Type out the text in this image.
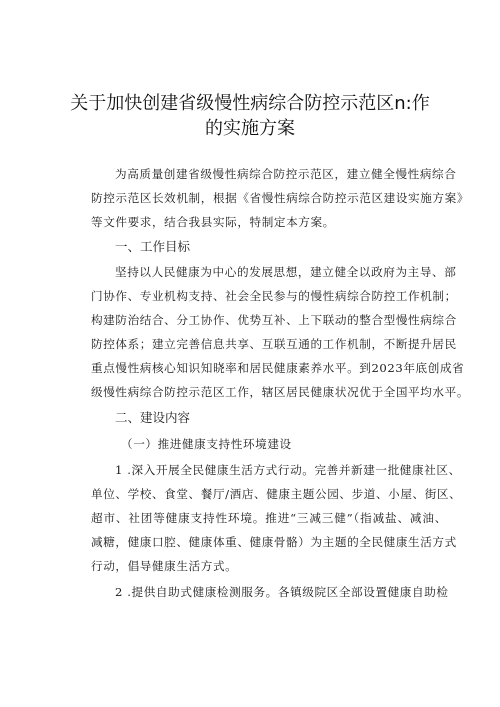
关于加快创建省级慢性病综合防控示范区n:作
的实施方案
为高质量创建省级慢性病综合防控示范区，建立健全慢性病综合
防控示范区长效机制，根据《省慢性病综合防控示范区建设实施方案》
等文件要求，结合我县实际，特制定本方案。
一、工作目标
坚持以人民健康为中心的发展思想，建立健全以政府为主导、部
门协作、专业机构支持、社会全民参与的慢性病综合防控工作机制；
构建防治结合、分工协作、优势互补、上下联动的整合型慢性病综合
防控体系；建立完善信息共享、互联互通的工作机制，不断提升居民
重点慢性病核心知识知晓率和居民健康素养水平。到2023年底创成省
级慢性病综合防控示范区工作，辖区居民健康状况优于全国平均水平。
二、建设内容
（一）推进健康支持性环境建设
1 .深入开展全民健康生活方式行动。完善并新建一批健康社区、
单位、学校、食堂、餐厅/酒店、健康主题公园、步道、小屋、街区、
超市、社团等健康支持性环境。推进“三减三健”（指减盐、减油、
减糖，健康口腔、健康体重、健康骨骼）为主题的全民健康生活方式
行动，倡导健康生活方式。
2 .提供自助式健康检测服务。各镇级院区全部设置健康自助检
